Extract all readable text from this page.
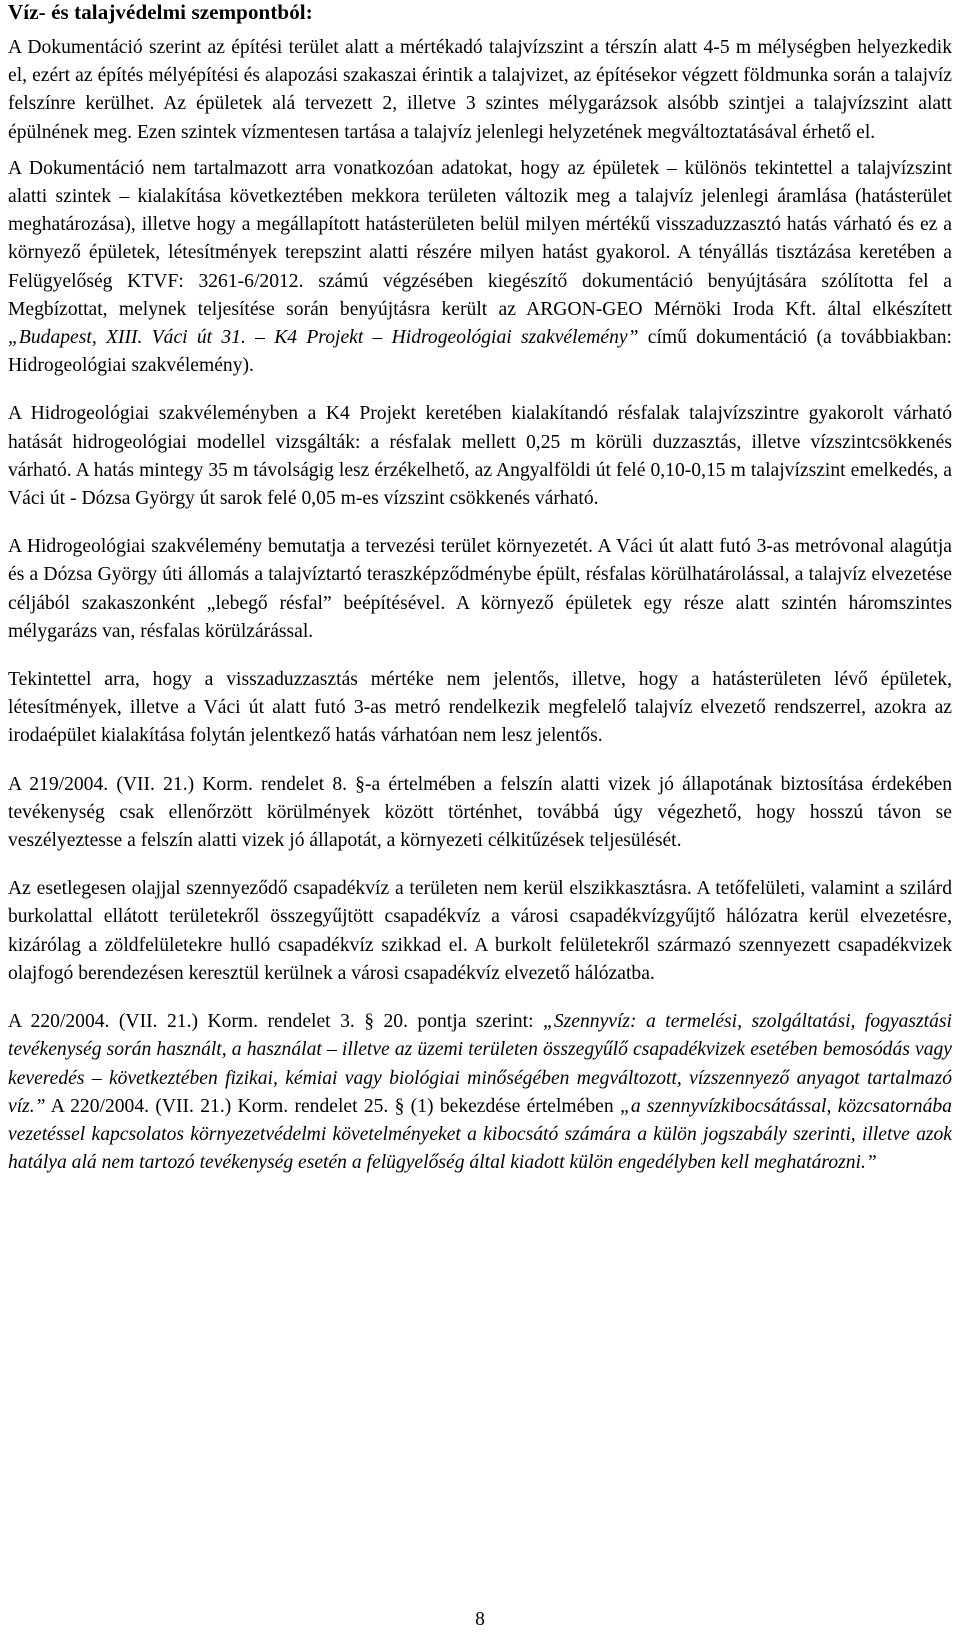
Víz- és talajvédelmi szempontból:

A Dokumentáció szerint az építési terület alatt a mértékadó talajvízszint a térszín alatt 4-5 m mélységben helyezkedik el, ezért az építés mélyépítési és alapozási szakaszai érintik a talajvizet, az építésekor végzett földmunka során a talajvíz felszínre kerülhet. Az épületek alá tervezett 2, illetve 3 szintes mélygarázsok alsóbb szintjei a talajvízszint alatt épülnének meg. Ezen szintek vízmentesen tartása a talajvíz jelenlegi helyzetének megváltoztatásával érhető el.

A Dokumentáció nem tartalmazott arra vonatkozóan adatokat, hogy az épületek – különös tekintettel a talajvízszint alatti szintek – kialakítása következtében mekkora területen változik meg a talajvíz jelenlegi áramlása (hatásterület meghatározása), illetve hogy a megállapított hatásterületen belül milyen mértékű visszaduzzasztó hatás várható és ez a környező épületek, létesítmények terepszint alatti részére milyen hatást gyakorol. A tényállás tisztázása keretében a Felügyelőség KTVF: 3261-6/2012. számú végzésében kiegészítő dokumentáció benyújtására szólította fel a Megbízottat, melynek teljesítése során benyújtásra került az ARGON-GEO Mérnöki Iroda Kft. által elkészített „Budapest, XIII. Váci út 31. – K4 Projekt – Hidrogeológiai szakvélemény” című dokumentáció (a továbbiakban: Hidrogeológiai szakvélemény).

A Hidrogeológiai szakvéleményben a K4 Projekt keretében kialakítandó résfalak talajvízszintre gyakorolt várható hatását hidrogeológiai modellel vizsgálták: a résfalak mellett 0,25 m körüli duzzasztás, illetve vízszintcsökkenés várható. A hatás mintegy 35 m távolságig lesz érzékelhető, az Angyalföldi út felé 0,10-0,15 m talajvízszint emelkedés, a Váci út - Dózsa György út sarok felé 0,05 m-es vízszint csökkenés várható.

A Hidrogeológiai szakvélemény bemutatja a tervezési terület környezetét. A Váci út alatt futó 3-as metróvonal alagútja és a Dózsa György úti állomás a talajvíztartó teraszképződménybe épült, résfalas körülhatárolással, a talajvíz elvezetése céljából szakaszonként „lebegő résfal” beépítésével. A környező épületek egy része alatt szintén háromszintes mélygarázs van, résfalas körülzárással.

Tekintettel arra, hogy a visszaduzzasztás mértéke nem jelentős, illetve, hogy a hatásterületen lévő épületek, létesítmények, illetve a Váci út alatt futó 3-as metró rendelkezik megfelelő talajvíz elvezető rendszerrel, azokra az irodaépület kialakítása folytán jelentkező hatás várhatóan nem lesz jelentős.

A 219/2004. (VII. 21.) Korm. rendelet 8. §-a értelmében a felszín alatti vizek jó állapotának biztosítása érdekében tevékenység csak ellenőrzött körülmények között történhet, továbbá úgy végezhető, hogy hosszú távon se veszélyeztesse a felszín alatti vizek jó állapotát, a környezeti célkitűzések teljesülését.

Az esetlegesen olajjal szennyeződő csapadékvíz a területen nem kerül elszikkasztásra. A tetőfelületi, valamint a szilárd burkolattal ellátott területekről összegyűjtött csapadékvíz a városi csapadékvízgyűjtő hálózatra kerül elvezetésre, kizárólag a zöldfelületekre hulló csapadékvíz szikkad el. A burkolt felületekről származó szennyezett csapadékvizek olajfogó berendezésen keresztül kerülnek a városi csapadékvíz elvezető hálózatba.

A 220/2004. (VII. 21.) Korm. rendelet 3. § 20. pontja szerint: „Szennyvíz: a termelési, szolgáltatási, fogyasztási tevékenység során használt, a használat – illetve az üzemi területen összegyűlő csapadékvizek esetében bemosódás vagy keveredés – következtében fizikai, kémiai vagy biológiai minőségében megváltozott, vízszennyező anyagot tartalmazó víz.” A 220/2004. (VII. 21.) Korm. rendelet 25. § (1) bekezdése értelmében „a szennyvízkibocsátással, közcsatornába vezetéssel kapcsolatos környezetvédelmi követelményeket a kibocsátó számára a külön jogszabály szerinti, illetve azok hatálya alá nem tartozó tevékenység esetén a felügyelőség által kiadott külön engedélyben kell meghatározni.”

8
